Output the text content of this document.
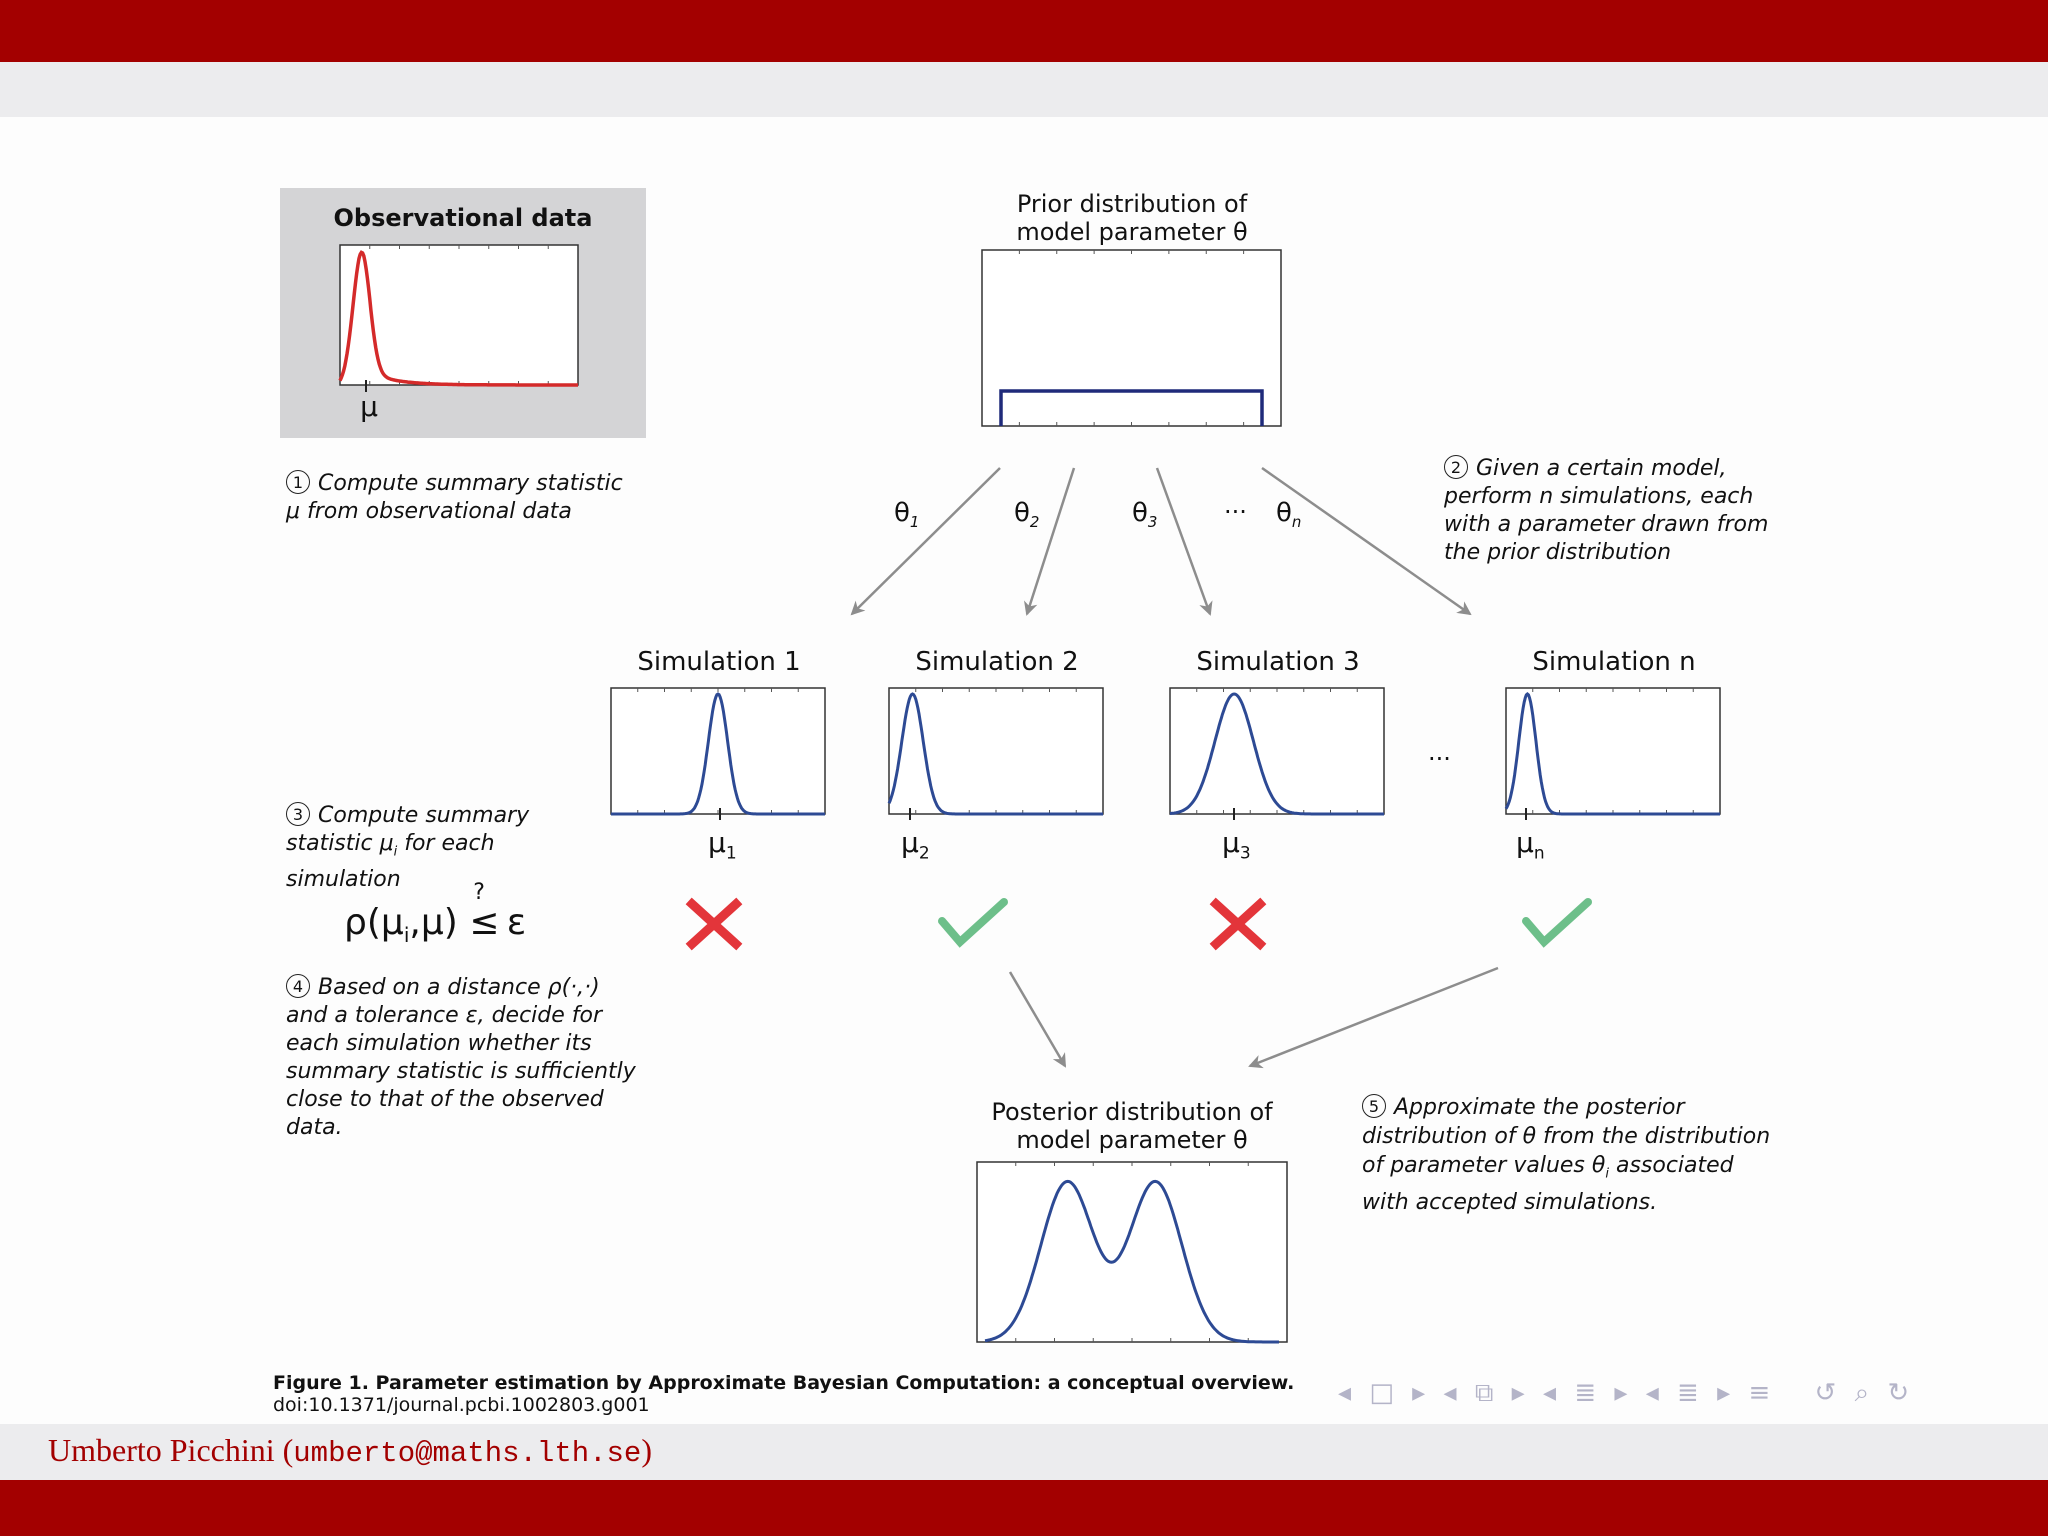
Observational data
μ
Prior distribution of
model parameter θ
$\theta_1$	$\theta_2$	$\theta_3$	··· $\theta_n$
Simulation 1	Simulation 2	Simulation 3	Simulation n
...
$\mu_1$	$\mu_2$	$\mu_3$	$\mu_n$
1 Compute summary statistic
μ from observational data
2 Given a certain model,
perform n simulations, each
with a parameter drawn from
the prior distribution
3 Compute summary
statistic $\mu_i$ for each
simulation
4 Based on a distance ρ(·,·)
and a tolerance ε, decide for
each simulation whether its
summary statistic is sufficiently
close to that of the observed
data.
5 Approximate the posterior
distribution of θ from the distribution
of parameter values $\theta_i$ associated
with accepted simulations.
$\rho(\mu_i,\mu)$
?
≤ ε
Posterior distribution of
model parameter θ
Figure 1. Parameter estimation by Approximate Bayesian Computation: a conceptual overview.
doi:10.1371/journal.pcbi.1002803.g001	◂ □ ▸ ◂ ⧉ ▸ ◂ ≣ ▸ ◂ ≣ ▸ ≡ ↺ ⌕ ↻
Umberto Picchini (umberto@maths.lth.se)
